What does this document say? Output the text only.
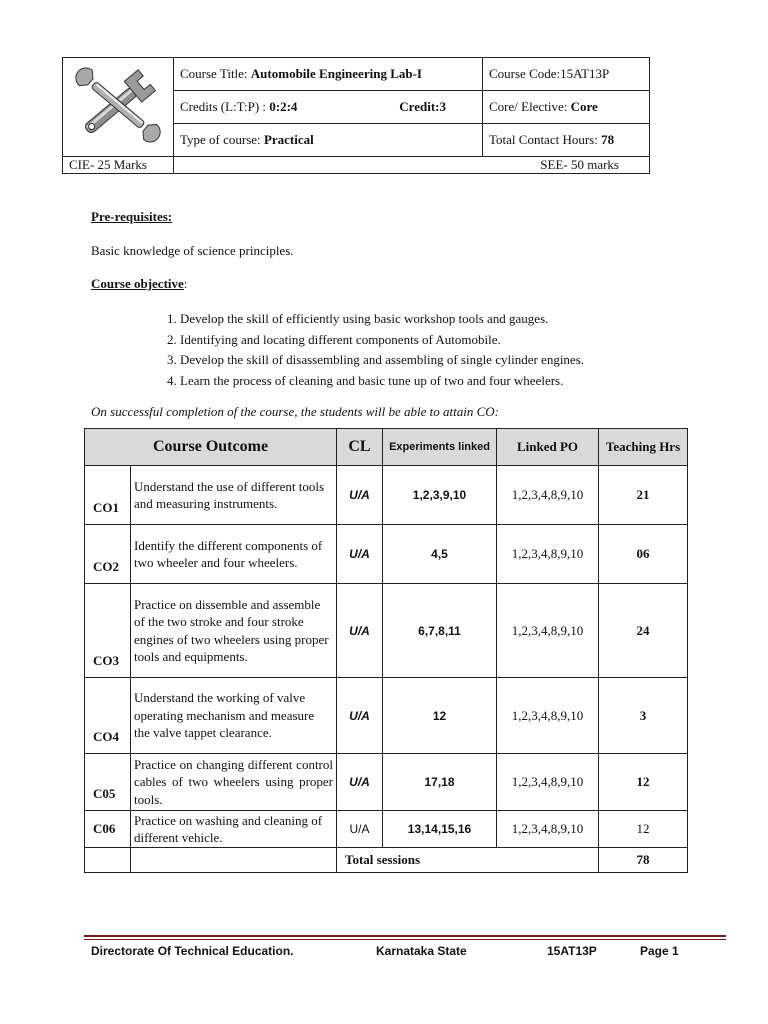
	Course Title: Automobile Engineering Lab-I	Course Code:15AT13P

	Credits (L:T:P) : 0:2:4 Credit:3	Core/ Elective: Core
	Type of course: Practical	Total Contact Hours: 78
CIE- 25 Marks	SEE- 50 marks	
Pre-requisites:
Basic knowledge of science principles.
Course objective:
1. Develop the skill of efficiently using basic workshop tools and gauges.
2. Identifying and locating different components of Automobile.
3. Develop the skill of disassembling and assembling of single cylinder engines.
4. Learn the process of cleaning and basic tune up of two and four wheelers.
On successful completion of the course, the students will be able to attain CO:
Course Outcome		CL	Experiments linked	Linked PO	Teaching Hrs
CO1	Understand the use of different tools and measuring instruments.	U/A	1,2,3,9,10	1,2,3,4,8,9,10	21
CO2	Identify the different components of two wheeler and four wheelers.	U/A	4,5	1,2,3,4,8,9,10	06
CO3	Practice on dissemble and assemble of the two stroke and four stroke engines of two wheelers using proper tools and equipments.	U/A	6,7,8,11	1,2,3,4,8,9,10	24
CO4	Understand the working of valve operating mechanism and measure the valve tappet clearance.	U/A	12	1,2,3,4,8,9,10	3
C05	Practice on changing different control cables of two wheelers using proper tools.	U/A	17,18	1,2,3,4,8,9,10	12
C06	Practice on washing and cleaning of different vehicle.	U/A	13,14,15,16	1,2,3,4,8,9,10	12
		Total sessions			78
Directorate Of Technical Education.	Karnataka State	15AT13P	Page 1
